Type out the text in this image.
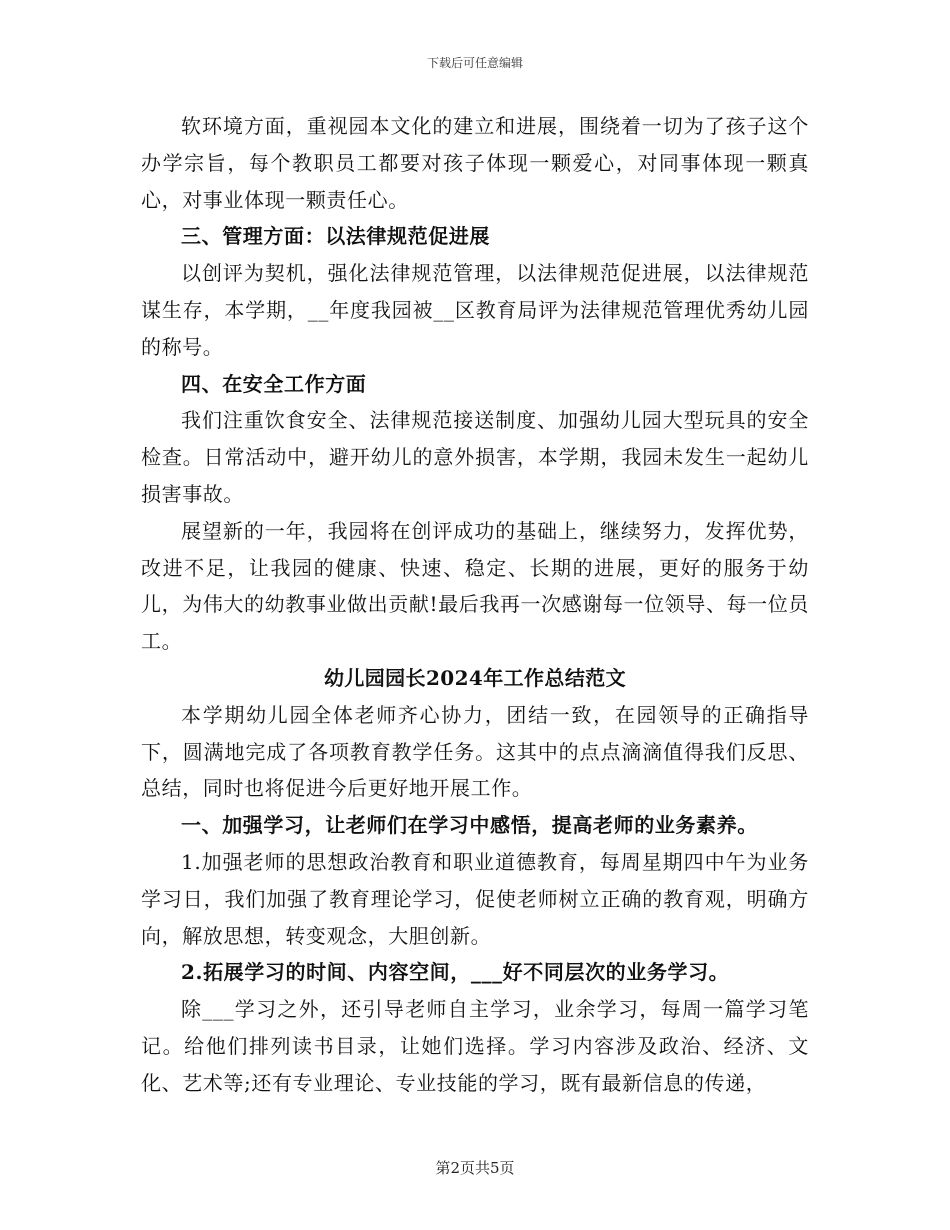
下载后可任意编辑

软环境方面，重视园本文化的建立和进展，围绕着一切为了孩子这个办学宗旨，每个教职员工都要对孩子体现一颗爱心，对同事体现一颗真心，对事业体现一颗责任心。

三、管理方面：以法律规范促进展

以创评为契机，强化法律规范管理，以法律规范促进展，以法律规范谋生存，本学期，__年度我园被__区教育局评为法律规范管理优秀幼儿园的称号。

四、在安全工作方面

我们注重饮食安全、法律规范接送制度、加强幼儿园大型玩具的安全检查。日常活动中，避开幼儿的意外损害，本学期，我园未发生一起幼儿损害事故。

展望新的一年，我园将在创评成功的基础上，继续努力，发挥优势，改进不足，让我园的健康、快速、稳定、长期的进展，更好的服务于幼儿，为伟大的幼教事业做出贡献!最后我再一次感谢每一位领导、每一位员工。

幼儿园园长2024年工作总结范文

本学期幼儿园全体老师齐心协力，团结一致，在园领导的正确指导下，圆满地完成了各项教育教学任务。这其中的点点滴滴值得我们反思、总结，同时也将促进今后更好地开展工作。

一、加强学习，让老师们在学习中感悟，提高老师的业务素养。

1.加强老师的思想政治教育和职业道德教育，每周星期四中午为业务学习日，我们加强了教育理论学习，促使老师树立正确的教育观，明确方向，解放思想，转变观念，大胆创新。

2.拓展学习的时间、内容空间，___好不同层次的业务学习。

除___学习之外，还引导老师自主学习，业余学习，每周一篇学习笔记。给他们排列读书目录，让她们选择。学习内容涉及政治、经济、文化、艺术等;还有专业理论、专业技能的学习，既有最新信息的传递，

第2页共5页
